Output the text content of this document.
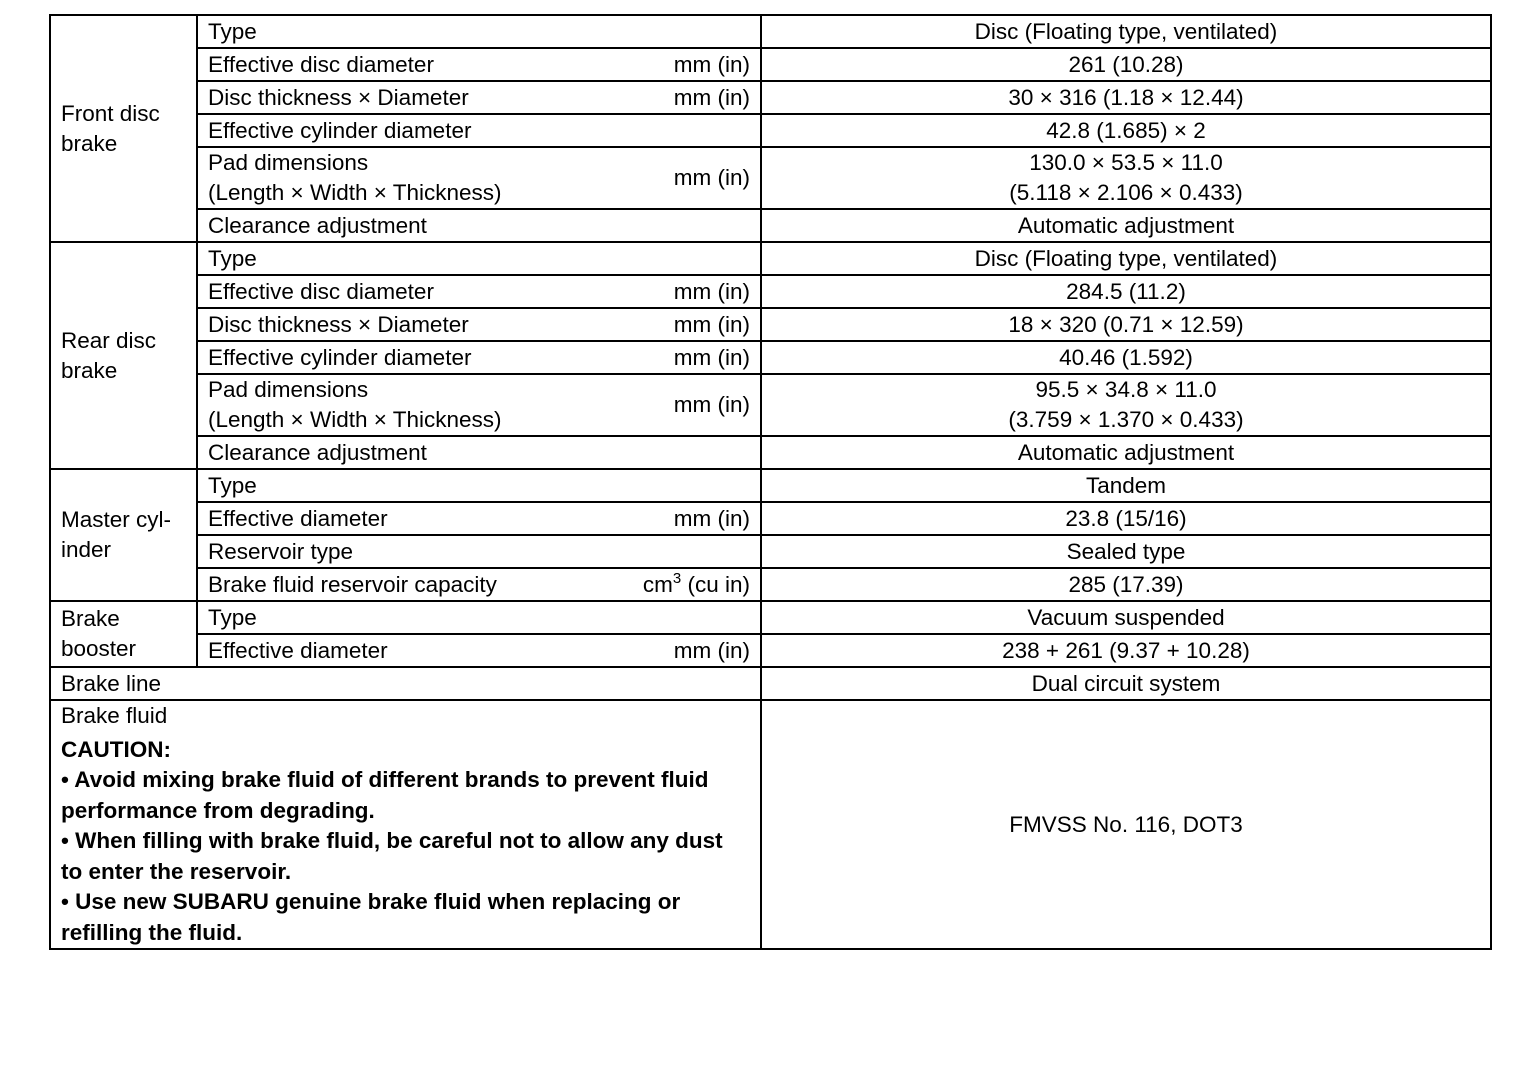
Front disc brake	Type	Disc (Floating type, ventilated)

	Effective disc diameter mm (in)	261 (10.28)

	Disc thickness × Diameter mm (in)	30 × 316 (1.18 × 12.44)

	Effective cylinder diameter	42.8 (1.685) × 2

	Pad dimensions
(Length × Width × Thickness)
mm (in)	130.0 × 53.5 × 11.0
(5.118 × 2.106 × 0.433)

	Clearance adjustment	Automatic adjustment

Rear disc brake	Type	Disc (Floating type, ventilated)

	Effective disc diameter mm (in)	284.5 (11.2)

	Disc thickness × Diameter mm (in)	18 × 320 (0.71 × 12.59)

	Effective cylinder diameter mm (in)	40.46 (1.592)

	Pad dimensions
(Length × Width × Thickness)
mm (in)	95.5 × 34.8 × 11.0
(3.759 × 1.370 × 0.433)

	Clearance adjustment	Automatic adjustment

Master cyl-inder	Type	Tandem

	Effective diameter mm (in)	23.8 (15/16)

	Reservoir type	Sealed type

	Brake fluid reservoir capacity $cm^3$ (cu in)	285 (17.39)

Brake booster	Type	Vacuum suspended

	Effective diameter mm (in)	238 + 261 (9.37 + 10.28)
Brake line		Dual circuit system

Brake fluid
CAUTION:
• Avoid mixing brake fluid of different brands to prevent fluid performance from degrading.
• When filling with brake fluid, be careful not to allow any dust to enter the reservoir.
• Use new SUBARU genuine brake fluid when replacing or refilling the fluid.		FMVSS No. 116, DOT3
